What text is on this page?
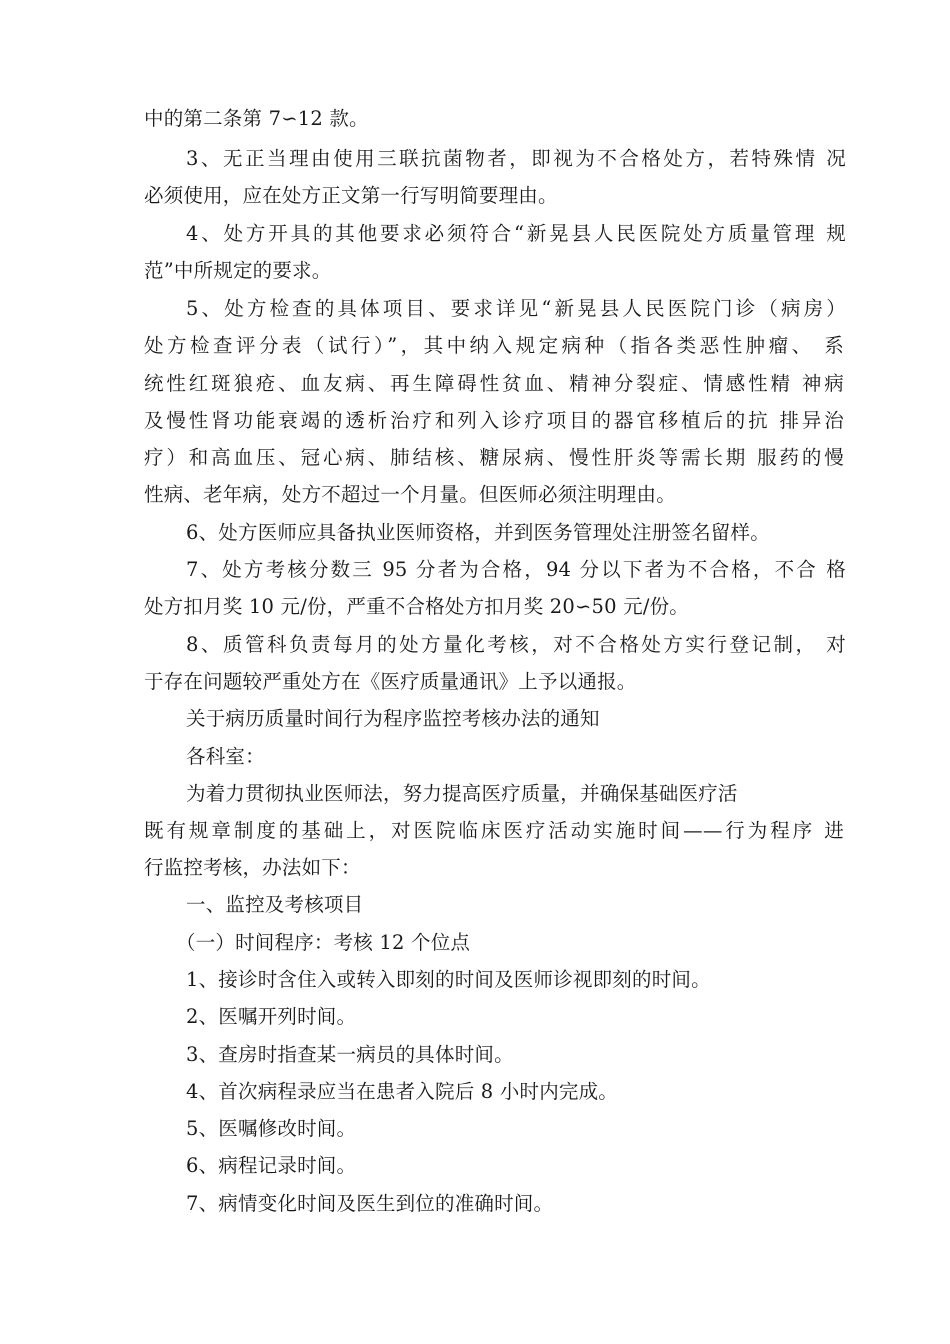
中的第二条第 7∽12 款。
3、无正当理由使用三联抗菌物者，即视为不合格处方，若特殊情 况
必须使用，应在处方正文第一行写明简要理由。
4、处方开具的其他要求必须符合“新晃县人民医院处方质量管理 规
范”中所规定的要求。
5、处方检查的具体项目、要求详见“新晃县人民医院门诊（病房）
处方检查评分表（试行）”，其中纳入规定病种（指各类恶性肿瘤、 系
统性红斑狼疮、血友病、再生障碍性贫血、精神分裂症、情感性精 神病
及慢性肾功能衰竭的透析治疗和列入诊疗项目的器官移植后的抗 排异治
疗）和高血压、冠心病、肺结核、糖尿病、慢性肝炎等需长期 服药的慢
性病、老年病，处方不超过一个月量。但医师必须注明理由。
6、处方医师应具备执业医师资格，并到医务管理处注册签名留样。
7、处方考核分数三 95 分者为合格，94 分以下者为不合格，不合 格
处方扣月奖 10 元/份，严重不合格处方扣月奖 20∽50 元/份。
8、质管科负责每月的处方量化考核，对不合格处方实行登记制， 对
于存在问题较严重处方在《医疗质量通讯》上予以通报。
关于病历质量时间行为程序监控考核办法的通知
各科室：
为着力贯彻执业医师法，努力提高医疗质量，并确保基础医疗活
既有规章制度的基础上，对医院临床医疗活动实施时间——行为程序 进
行监控考核，办法如下：
一、监控及考核项目
（一）时间程序：考核 12 个位点
1、接诊时含住入或转入即刻的时间及医师诊视即刻的时间。
2、医嘱开列时间。
3、查房时指查某一病员的具体时间。
4、首次病程录应当在患者入院后 8 小时内完成。
5、医嘱修改时间。
6、病程记录时间。
7、病情变化时间及医生到位的准确时间。
